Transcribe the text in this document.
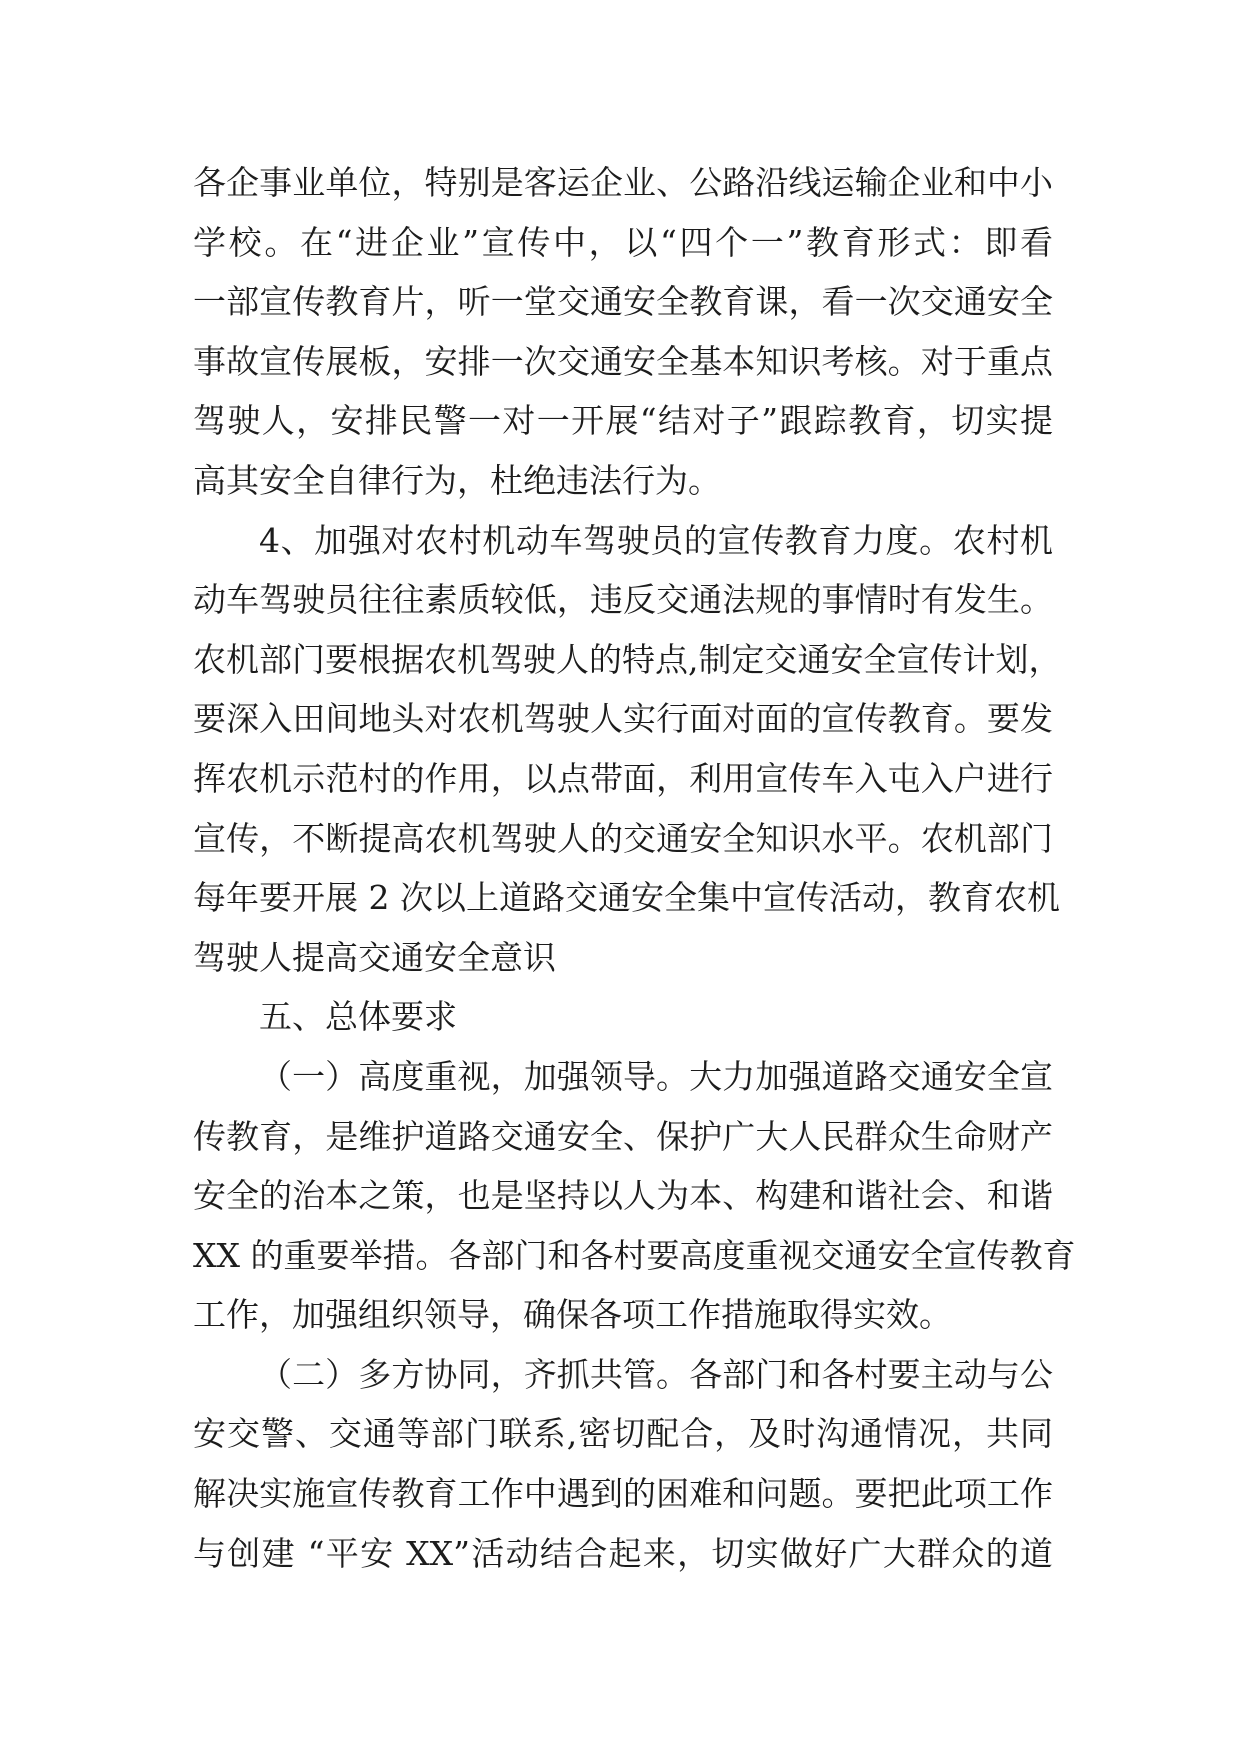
各企事业单位，特别是客运企业、公路沿线运输企业和中小
学校。在“进企业”宣传中，以“四个一”教育形式：即看
一部宣传教育片，听一堂交通安全教育课，看一次交通安全
事故宣传展板，安排一次交通安全基本知识考核。对于重点
驾驶人，安排民警一对一开展“结对子”跟踪教育，切实提
高其安全自律行为，杜绝违法行为。
4、加强对农村机动车驾驶员的宣传教育力度。农村机
动车驾驶员往往素质较低，违反交通法规的事情时有发生。
农机部门要根据农机驾驶人的特点,制定交通安全宣传计划，
要深入田间地头对农机驾驶人实行面对面的宣传教育。要发
挥农机示范村的作用，以点带面，利用宣传车入屯入户进行
宣传，不断提高农机驾驶人的交通安全知识水平。农机部门
每年要开展 2 次以上道路交通安全集中宣传活动，教育农机
驾驶人提高交通安全意识
五、总体要求
（一）高度重视，加强领导。大力加强道路交通安全宣
传教育，是维护道路交通安全、保护广大人民群众生命财产
安全的治本之策，也是坚持以人为本、构建和谐社会、和谐
XX 的重要举措。各部门和各村要高度重视交通安全宣传教育
工作，加强组织领导，确保各项工作措施取得实效。
（二）多方协同，齐抓共管。各部门和各村要主动与公
安交警、交通等部门联系,密切配合，及时沟通情况，共同
解决实施宣传教育工作中遇到的困难和问题。要把此项工作
与创建 “平安 XX”活动结合起来，切实做好广大群众的道
